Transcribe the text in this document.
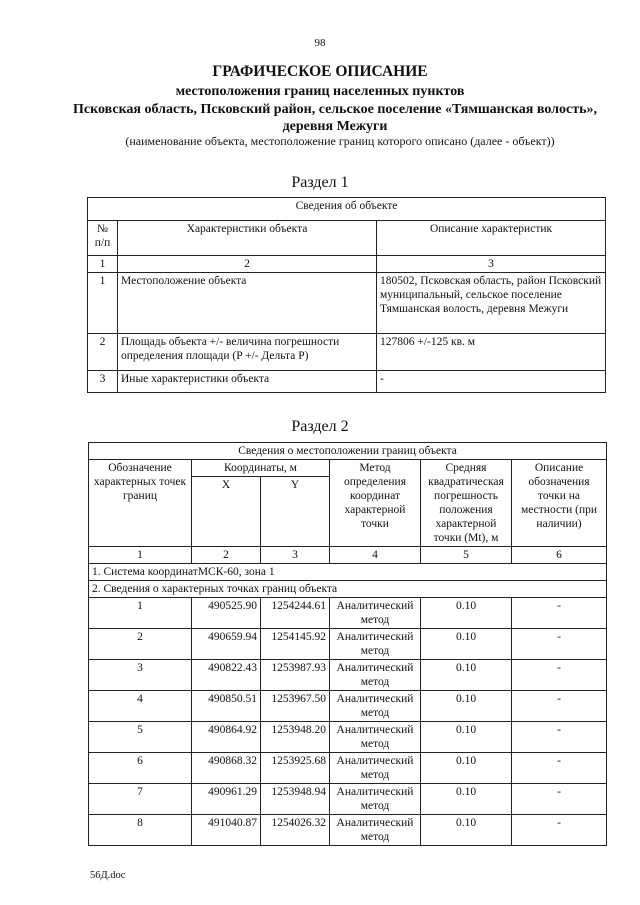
98
ГРАФИЧЕСКОЕ ОПИСАНИЕ
местоположения границ населенных пунктов
Псковская область, Псковский район, сельское поселение «Тямшанская волость», деревня Межуги
(наименование объекта, местоположение границ которого описано (далее - объект))
Раздел 1
Сведения об объекте		
№ п/п	Характеристики объекта	Описание характеристик
1	2	3
1	Местоположение объекта	180502, Псковская область, район Псковский муниципальный, сельское поселение Тямшанская волость, деревня Межуги
2	Площадь объекта +/- величина погрешности определения площади (P +/- Дельта P)	127806 +/-125 кв. м
3	Иные характеристики объекта	-
Раздел 2
Сведения о местоположении границ объекта					
Обозначение характерных точек границ	Координаты, м		Метод определения координат характерной точки	Средняя квадратическая погрешность положения характерной точки (Mt), м	Описание обозначения точки на местности (при наличии)
	X	Y			
1	2	3	4	5	6
1. Система координатМСК-60, зона 1					
2. Сведения о характерных точках границ объекта					
1	490525.90	1254244.61	Аналитический метод	0.10	-
2	490659.94	1254145.92	Аналитический метод	0.10	-
3	490822.43	1253987.93	Аналитический метод	0.10	-
4	490850.51	1253967.50	Аналитический метод	0.10	-
5	490864.92	1253948.20	Аналитический метод	0.10	-
6	490868.32	1253925.68	Аналитический метод	0.10	-
7	490961.29	1253948.94	Аналитический метод	0.10	-
8	491040.87	1254026.32	Аналитический метод	0.10	-
56Д.doc
